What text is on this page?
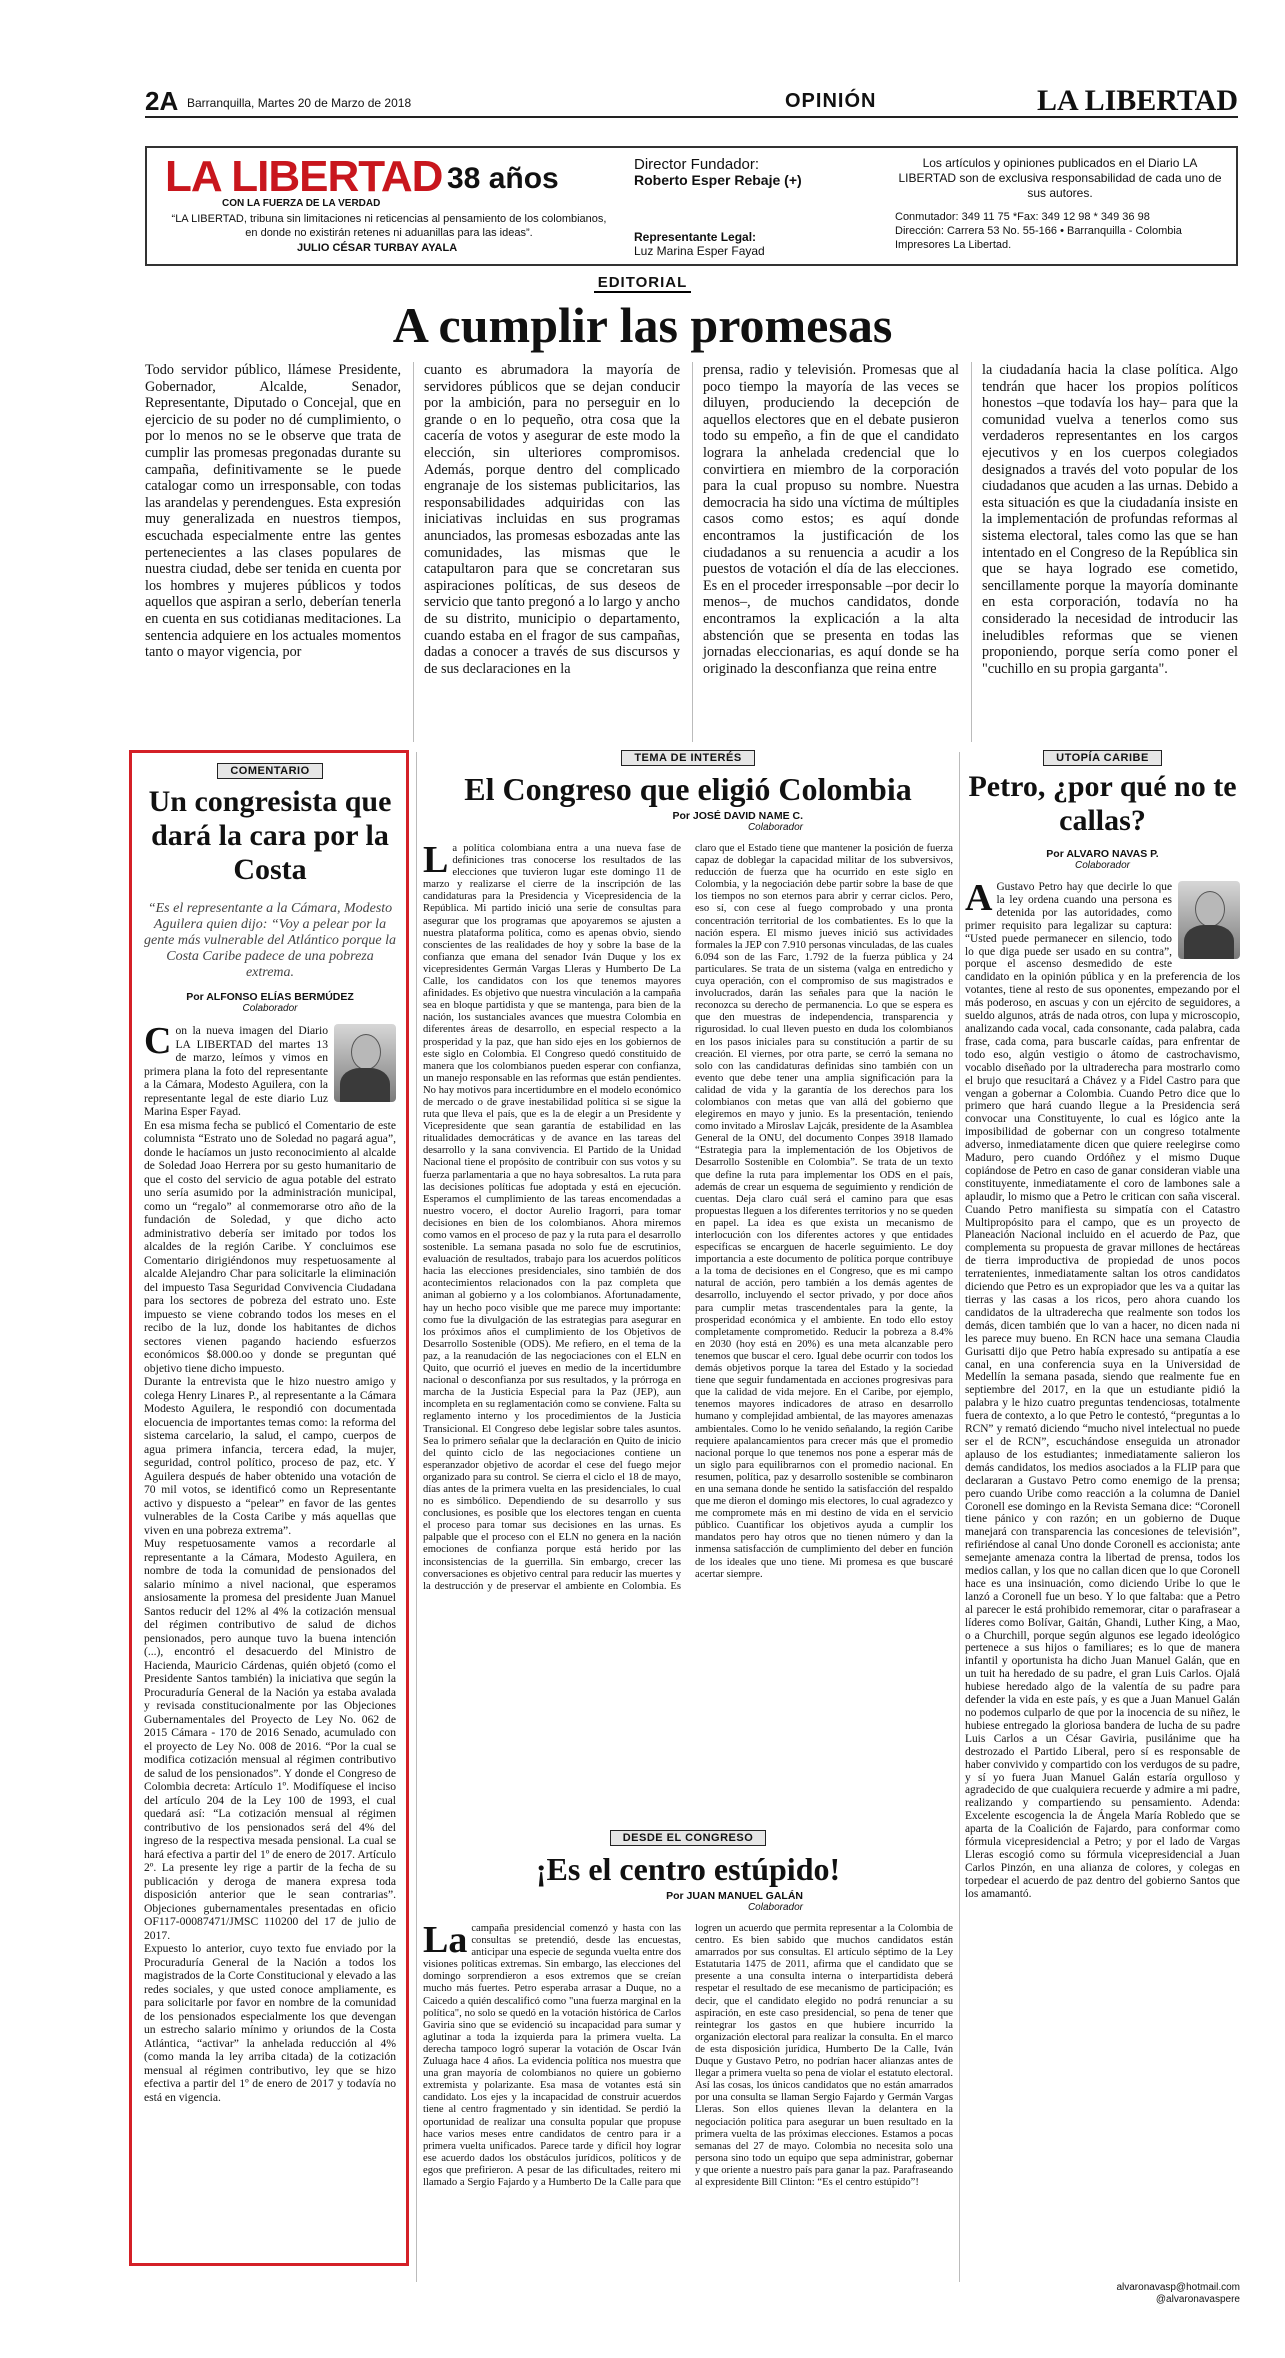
2A Barranquilla, Martes 20 de Marzo de 2018	OPINIÓN	LA LIBERTAD
LA LIBERTAD 38 años
CON LA FUERZA DE LA VERDAD
“LA LIBERTAD, tribuna sin limitaciones ni reticencias al pensamiento de los colombianos, en donde no existirán retenes ni aduanillas para las ideas”.
JULIO CÉSAR TURBAY AYALA
Director Fundador:
Roberto Esper Rebaje (+)
Representante Legal:
Luz Marina Esper Fayad
Los artículos y opiniones publicados en el Diario LA LIBERTAD son de exclusiva responsabilidad de cada uno de sus autores.
Conmutador: 349 11 75 *Fax: 349 12 98 * 349 36 98
Dirección: Carrera 53 No. 55-166 • Barranquilla - Colombia
Impresores La Libertad.
EDITORIAL
A cumplir las promesas
Todo servidor público, llámese Presidente, Gobernador, Alcalde, Senador, Representante, Diputado o Concejal, que en ejercicio de su poder no dé cumplimiento, o por lo menos no se le observe que trata de cumplir las promesas pregonadas durante su campaña, definitivamente se le puede catalogar como un irresponsable, con todas las arandelas y perendengues. Esta expresión muy generalizada en nuestros tiempos, escuchada especialmente entre las gentes pertenecientes a las clases populares de nuestra ciudad, debe ser tenida en cuenta por los hombres y mujeres públicos y todos aquellos que aspiran a serlo, deberían tenerla en cuenta en sus cotidianas meditaciones. La sentencia adquiere en los actuales momentos tanto o mayor vigencia, por
cuanto es abrumadora la mayoría de servidores públicos que se dejan conducir por la ambición, para no perseguir en lo grande o en lo pequeño, otra cosa que la cacería de votos y asegurar de este modo la elección, sin ulteriores compromisos. Además, porque dentro del complicado engranaje de los sistemas publicitarios, las responsabilidades adquiridas con las iniciativas incluidas en sus programas anunciados, las promesas esbozadas ante las comunidades, las mismas que le catapultaron para que se concretaran sus aspiraciones políticas, de sus deseos de servicio que tanto pregonó a lo largo y ancho de su distrito, municipio o departamento, cuando estaba en el fragor de sus campañas, dadas a conocer a través de sus discursos y de sus declaraciones en la
prensa, radio y televisión. Promesas que al poco tiempo la mayoría de las veces se diluyen, produciendo la decepción de aquellos electores que en el debate pusieron todo su empeño, a fin de que el candidato lograra la anhelada credencial que lo convirtiera en miembro de la corporación para la cual propuso su nombre. Nuestra democracia ha sido una víctima de múltiples casos como estos; es aquí donde encontramos la justificación de los ciudadanos a su renuencia a acudir a los puestos de votación el día de las elecciones. Es en el proceder irresponsable –por decir lo menos–, de muchos candidatos, donde encontramos la explicación a la alta abstención que se presenta en todas las jornadas eleccionarias, es aquí donde se ha originado la desconfianza que reina entre
la ciudadanía hacia la clase política. Algo tendrán que hacer los propios políticos honestos –que todavía los hay– para que la comunidad vuelva a tenerlos como sus verdaderos representantes en los cargos ejecutivos y en los cuerpos colegiados designados a través del voto popular de los ciudadanos que acuden a las urnas. Debido a esta situación es que la ciudadanía insiste en la implementación de profundas reformas al sistema electoral, tales como las que se han intentado en el Congreso de la República sin que se haya logrado ese cometido, sencillamente porque la mayoría dominante en esta corporación, todavía no ha considerado la necesidad de introducir las ineludibles reformas que se vienen proponiendo, porque sería como poner el "cuchillo en su propia garganta".
COMENTARIO
Un congresista que dará la cara por la Costa
“Es el representante a la Cámara, Modesto Aguilera quien dijo: “Voy a pelear por la gente más vulnerable del Atlántico porque la Costa Caribe padece de una pobreza extrema.
Por ALFONSO ELÍAS BERMÚDEZ
Colaborador
C on la nueva imagen del Diario LA LIBERTAD del martes 13 de marzo, leímos y vimos en primera plana la foto del representante a la Cámara, Modesto Aguilera, con la representante legal de este diario Luz Marina Esper Fayad.

En esa misma fecha se publicó el Comentario de este columnista “Estrato uno de Soledad no pagará agua”, donde le hacíamos un justo reconocimiento al alcalde de Soledad Joao Herrera por su gesto humanitario de que el costo del servicio de agua potable del estrato uno sería asumido por la administración municipal, como un “regalo” al conmemorarse otro año de la fundación de Soledad, y que dicho acto administrativo debería ser imitado por todos los alcaldes de la región Caribe. Y concluimos ese Comentario dirigiéndonos muy respetuosamente al alcalde Alejandro Char para solicitarle la eliminación del impuesto Tasa Seguridad Convivencia Ciudadana para los sectores de pobreza del estrato uno. Este impuesto se viene cobrando todos los meses en el recibo de la luz, donde los habitantes de dichos sectores vienen pagando haciendo esfuerzos económicos $8.000.oo y donde se preguntan qué objetivo tiene dicho impuesto.

Durante la entrevista que le hizo nuestro amigo y colega Henry Linares P., al representante a la Cámara Modesto Aguilera, le respondió con documentada elocuencia de importantes temas como: la reforma del sistema carcelario, la salud, el campo, cuerpos de agua primera infancia, tercera edad, la mujer, seguridad, control político, proceso de paz, etc. Y Aguilera después de haber obtenido una votación de 70 mil votos, se identificó como un Representante activo y dispuesto a “pelear” en favor de las gentes vulnerables de la Costa Caribe y más aquellas que viven en una pobreza extrema”.

Muy respetuosamente vamos a recordarle al representante a la Cámara, Modesto Aguilera, en nombre de toda la comunidad de pensionados del salario mínimo a nivel nacional, que esperamos ansiosamente la promesa del presidente Juan Manuel Santos reducir del 12% al 4% la cotización mensual del régimen contributivo de salud de dichos pensionados, pero aunque tuvo la buena intención (...), encontró el desacuerdo del Ministro de Hacienda, Mauricio Cárdenas, quién objetó (como el Presidente Santos también) la iniciativa que según la Procuraduría General de la Nación ya estaba avalada y revisada constitucionalmente por las Objeciones Gubernamentales del Proyecto de Ley No. 062 de 2015 Cámara - 170 de 2016 Senado, acumulado con el proyecto de Ley No. 008 de 2016. “Por la cual se modifica cotización mensual al régimen contributivo de salud de los pensionados”. Y donde el Congreso de Colombia decreta: Artículo 1º. Modifíquese el inciso del artículo 204 de la Ley 100 de 1993, el cual quedará así: “La cotización mensual al régimen contributivo de los pensionados será del 4% del ingreso de la respectiva mesada pensional. La cual se hará efectiva a partir del 1º de enero de 2017. Artículo 2º. La presente ley rige a partir de la fecha de su publicación y deroga de manera expresa toda disposición anterior que le sean contrarias”. Objeciones gubernamentales presentadas en oficio OF117-00087471/JMSC 110200 del 17 de julio de 2017.

Expuesto lo anterior, cuyo texto fue enviado por la Procuraduría General de la Nación a todos los magistrados de la Corte Constitucional y elevado a las redes sociales, y que usted conoce ampliamente, es para solicitarle por favor en nombre de la comunidad de los pensionados especialmente los que devengan un estrecho salario mínimo y oriundos de la Costa Atlántica, “activar” la anhelada reducción al 4% (como manda la ley arriba citada) de la cotización mensual al régimen contributivo, ley que se hizo efectiva a partir del 1º de enero de 2017 y todavía no está en vigencia.

TEMA DE INTERÉS
El Congreso que eligió Colombia
Por JOSÉ DAVID NAME C.
Colaborador
L a política colombiana entra a una nueva fase de definiciones tras conocerse los resultados de las elecciones que tuvieron lugar este domingo 11 de marzo y realizarse el cierre de la inscripción de las candidaturas para la Presidencia y Vicepresidencia de la República. Mi partido inició una serie de consultas para asegurar que los programas que apoyaremos se ajusten a nuestra plataforma política, como es apenas obvio, siendo conscientes de las realidades de hoy y sobre la base de la confianza que emana del senador Iván Duque y los ex vicepresidentes Germán Vargas Lleras y Humberto De La Calle, los candidatos con los que tenemos mayores afinidades. Es objetivo que nuestra vinculación a la campaña sea en bloque partidista y que se mantenga, para bien de la nación, los sustanciales avances que muestra Colombia en diferentes áreas de desarrollo, en especial respecto a la prosperidad y la paz, que han sido ejes en los gobiernos de este siglo en Colombia. El Congreso quedó constituido de manera que los colombianos pueden esperar con confianza, un manejo responsable en las reformas que están pendientes. No hay motivos para incertidumbre en el modelo económico de mercado o de grave inestabilidad política si se sigue la ruta que lleva el país, que es la de elegir a un Presidente y Vicepresidente que sean garantía de estabilidad en las ritualidades democráticas y de avance en las tareas del desarrollo y la sana convivencia. El Partido de la Unidad Nacional tiene el propósito de contribuir con sus votos y su fuerza parlamentaria a que no haya sobresaltos. La ruta para las decisiones políticas fue adoptada y está en ejecución. Esperamos el cumplimiento de las tareas encomendadas a nuestro vocero, el doctor Aurelio Iragorri, para tomar decisiones en bien de los colombianos. Ahora miremos como vamos en el proceso de paz y la ruta para el desarrollo sostenible. La semana pasada no solo fue de escrutinios, evaluación de resultados, trabajo para los acuerdos políticos hacia las elecciones presidenciales, sino también de dos acontecimientos relacionados con la paz completa que animan al gobierno y a los colombianos. Afortunadamente, hay un hecho poco visible que me parece muy importante: como fue la divulgación de las estrategias para asegurar en los próximos años el cumplimiento de los Objetivos de Desarrollo Sostenible (ODS). Me refiero, en el tema de la paz, a la reanudación de las negociaciones con el ELN en Quito, que ocurrió el jueves en medio de la incertidumbre nacional o desconfianza por sus resultados, y la prórroga en marcha de la Justicia Especial para la Paz (JEP), aun incompleta en su reglamentación como se conviene. Falta su reglamento interno y los procedimientos de la Justicia Transicional. El Congreso debe legislar sobre tales asuntos. Sea lo primero señalar que la declaración en Quito de inicio del quinto ciclo de las negociaciones contiene un esperanzador objetivo de acordar el cese del fuego mejor organizado para su control. Se cierra el ciclo el 18 de mayo, días antes de la primera vuelta en las presidenciales, lo cual no es simbólico. Dependiendo de su desarrollo y sus conclusiones, es posible que los electores tengan en cuenta el proceso para tomar sus decisiones en las urnas. Es palpable que el proceso con el ELN no genera en la nación emociones de confianza porque está herido por las inconsistencias de la guerrilla. Sin embargo, crecer las conversaciones es objetivo central para reducir las muertes y la destrucción y de preservar el ambiente en Colombia. Es claro que el Estado tiene que mantener la posición de fuerza capaz de doblegar la capacidad militar de los subversivos, reducción de fuerza que ha ocurrido en este siglo en Colombia, y la negociación debe partir sobre la base de que los tiempos no son eternos para abrir y cerrar ciclos. Pero, eso sí, con cese al fuego comprobado y una pronta concentración territorial de los combatientes. Es lo que la nación espera. El mismo jueves inició sus actividades formales la JEP con 7.910 personas vinculadas, de las cuales 6.094 son de las Farc, 1.792 de la fuerza pública y 24 particulares. Se trata de un sistema (valga en entredicho y cuya operación, con el compromiso de sus magistrados e involucrados, darán las señales para que la nación le reconozca su derecho de permanencia. Lo que se espera es que den muestras de independencia, transparencia y rigurosidad. lo cual lleven puesto en duda los colombianos en los pasos iniciales para su constitución a partir de su creación. El viernes, por otra parte, se cerró la semana no solo con las candidaturas definidas sino también con un evento que debe tener una amplia significación para la calidad de vida y la garantía de los derechos para los colombianos con metas que van allá del gobierno que elegiremos en mayo y junio. Es la presentación, teniendo como invitado a Miroslav Lajcák, presidente de la Asamblea General de la ONU, del documento Conpes 3918 llamado “Estrategia para la implementación de los Objetivos de Desarrollo Sostenible en Colombia”. Se trata de un texto que define la ruta para implementar los ODS en el país, además de crear un esquema de seguimiento y rendición de cuentas. Deja claro cuál será el camino para que esas propuestas lleguen a los diferentes territorios y no se queden en papel. La idea es que exista un mecanismo de interlocución con los diferentes actores y que entidades específicas se encarguen de hacerle seguimiento. Le doy importancia a este documento de política porque contribuye a la toma de decisiones en el Congreso, que es mi campo natural de acción, pero también a los demás agentes de desarrollo, incluyendo el sector privado, y por doce años para cumplir metas trascendentales para la gente, la prosperidad económica y el ambiente. En todo ello estoy completamente comprometido. Reducir la pobreza a 8.4% en 2030 (hoy está en 20%) es una meta alcanzable pero tenemos que buscar el cero. Igual debe ocurrir con todos los demás objetivos porque la tarea del Estado y la sociedad tiene que seguir fundamentada en acciones progresivas para que la calidad de vida mejore. En el Caribe, por ejemplo, tenemos mayores indicadores de atraso en desarrollo humano y complejidad ambiental, de las mayores amenazas ambientales. Como lo he venido señalando, la región Caribe requiere apalancamientos para crecer más que el promedio nacional porque lo que tenemos nos pone a esperar más de un siglo para equilibrarnos con el promedio nacional. En resumen, política, paz y desarrollo sostenible se combinaron en una semana donde he sentido la satisfacción del respaldo que me dieron el domingo mis electores, lo cual agradezco y me compromete más en mi destino de vida en el servicio público. Cuantificar los objetivos ayuda a cumplir los mandatos pero hay otros que no tienen número y dan la inmensa satisfacción de cumplimiento del deber en función de los ideales que uno tiene. Mi promesa es que buscaré acertar siempre.
DESDE EL CONGRESO
¡Es el centro estúpido!
Por JUAN MANUEL GALÁN
Colaborador
La campaña presidencial comenzó y hasta con las consultas se pretendió, desde las encuestas, anticipar una especie de segunda vuelta entre dos visiones políticas extremas. Sin embargo, las elecciones del domingo sorprendieron a esos extremos que se creían mucho más fuertes. Petro esperaba arrasar a Duque, no a Caicedo a quién descalificó como "una fuerza marginal en la política", no solo se quedó en la votación histórica de Carlos Gaviria sino que se evidenció su incapacidad para sumar y aglutinar a toda la izquierda para la primera vuelta. La derecha tampoco logró superar la votación de Oscar Iván Zuluaga hace 4 años. La evidencia política nos muestra que una gran mayoría de colombianos no quiere un gobierno extremista y polarizante. Esa masa de votantes está sin candidato. Los ejes y la incapacidad de construir acuerdos tiene al centro fragmentado y sin identidad. Se perdió la oportunidad de realizar una consulta popular que propuse hace varios meses entre candidatos de centro para ir a primera vuelta unificados. Parece tarde y difícil hoy lograr ese acuerdo dados los obstáculos jurídicos, políticos y de egos que prefirieron. A pesar de las dificultades, reitero mi llamado a Sergio Fajardo y a Humberto De la Calle para que logren un acuerdo que permita representar a la Colombia de centro. Es bien sabido que muchos candidatos están amarrados por sus consultas. El artículo séptimo de la Ley Estatutaria 1475 de 2011, afirma que el candidato que se presente a una consulta interna o interpartidista deberá respetar el resultado de ese mecanismo de participación; es decir, que el candidato elegido no podrá renunciar a su aspiración, en este caso presidencial, so pena de tener que reintegrar los gastos en que hubiere incurrido la organización electoral para realizar la consulta. En el marco de esta disposición jurídica, Humberto De la Calle, Iván Duque y Gustavo Petro, no podrían hacer alianzas antes de llegar a primera vuelta so pena de violar el estatuto electoral. Así las cosas, los únicos candidatos que no están amarrados por una consulta se llaman Sergio Fajardo y Germán Vargas Lleras. Son ellos quienes llevan la delantera en la negociación política para asegurar un buen resultado en la primera vuelta de las próximas elecciones. Estamos a pocas semanas del 27 de mayo. Colombia no necesita solo una persona sino todo un equipo que sepa administrar, gobernar y que oriente a nuestro país para ganar la paz. Parafraseando al expresidente Bill Clinton: “Es el centro estúpido”!
UTOPÍA CARIBE
Petro, ¿por qué no te callas?
Por ALVARO NAVAS P.
Colaborador
A Gustavo Petro hay que decirle lo que la ley ordena cuando una persona es detenida por las autoridades, como primer requisito para legalizar su captura: “Usted puede permanecer en silencio, todo lo que diga puede ser usado en su contra”, porque el ascenso desmedido de este candidato en la opinión pública y en la preferencia de los votantes, tiene al resto de sus oponentes, empezando por el más poderoso, en ascuas y con un ejército de seguidores, a sueldo algunos, atrás de nada otros, con lupa y microscopio, analizando cada vocal, cada consonante, cada palabra, cada frase, cada coma, para buscarle caídas, para enfrentar de todo eso, algún vestigio o átomo de castrochavismo, vocablo diseñado por la ultraderecha para mostrarlo como el brujo que resucitará a Chávez y a Fidel Castro para que vengan a gobernar a Colombia. Cuando Petro dice que lo primero que hará cuando llegue a la Presidencia será convocar una Constituyente, lo cual es lógico ante la imposibilidad de gobernar con un congreso totalmente adverso, inmediatamente dicen que quiere reelegirse como Maduro, pero cuando Ordóñez y el mismo Duque copiándose de Petro en caso de ganar consideran viable una constituyente, inmediatamente el coro de lambones sale a aplaudir, lo mismo que a Petro le critican con saña visceral. Cuando Petro manifiesta su simpatía con el Catastro Multipropósito para el campo, que es un proyecto de Planeación Nacional incluido en el acuerdo de Paz, que complementa su propuesta de gravar millones de hectáreas de tierra improductiva de propiedad de unos pocos terratenientes, inmediatamente saltan los otros candidatos diciendo que Petro es un expropiador que les va a quitar las tierras y las casas a los ricos, pero ahora cuando los candidatos de la ultraderecha que realmente son todos los demás, dicen también que lo van a hacer, no dicen nada ni les parece muy bueno. En RCN hace una semana Claudia Gurisatti dijo que Petro había expresado su antipatía a ese canal, en una conferencia suya en la Universidad de Medellín la semana pasada, siendo que realmente fue en septiembre del 2017, en la que un estudiante pidió la palabra y le hizo cuatro preguntas tendenciosas, totalmente fuera de contexto, a lo que Petro le contestó, “preguntas a lo RCN” y remató diciendo “mucho nivel intelectual no puede ser el de RCN”, escuchándose enseguida un atronador aplauso de los estudiantes; inmediatamente salieron los demás candidatos, los medios asociados a la FLIP para que declararan a Gustavo Petro como enemigo de la prensa; pero cuando Uribe como reacción a la columna de Daniel Coronell ese domingo en la Revista Semana dice: “Coronell tiene pánico y con razón; en un gobierno de Duque manejará con transparencia las concesiones de televisión”, refiriéndose al canal Uno donde Coronell es accionista; ante semejante amenaza contra la libertad de prensa, todos los medios callan, y los que no callan dicen que lo que Coronell hace es una insinuación, como diciendo Uribe lo que le lanzó a Coronell fue un beso. Y lo que faltaba: que a Petro al parecer le está prohibido rememorar, citar o parafrasear a líderes como Bolívar, Gaitán, Ghandi, Luther King, a Mao, o a Churchill, porque según algunos ese legado ideológico pertenece a sus hijos o familiares; es lo que de manera infantil y oportunista ha dicho Juan Manuel Galán, que en un tuit ha heredado de su padre, el gran Luis Carlos. Ojalá hubiese heredado algo de la valentía de su padre para defender la vida en este país, y es que a Juan Manuel Galán no podemos culparlo de que por la inocencia de su niñez, le hubiese entregado la gloriosa bandera de lucha de su padre Luis Carlos a un César Gaviria, pusilánime que ha destrozado el Partido Liberal, pero sí es responsable de haber convivido y compartido con los verdugos de su padre, y sí yo fuera Juan Manuel Galán estaría orgulloso y agradecido de que cualquiera recuerde y admire a mi padre, realizando y compartiendo su pensamiento. Adenda: Excelente escogencia la de Ángela María Robledo que se aparta de la Coalición de Fajardo, para conformar como fórmula vicepresidencial a Petro; y por el lado de Vargas Lleras escogió como su fórmula vicepresidencial a Juan Carlos Pinzón, en una alianza de colores, y colegas en torpedear el acuerdo de paz dentro del gobierno Santos que los amamantó.
alvaronavasp@hotmail.com
@alvaronavaspere
